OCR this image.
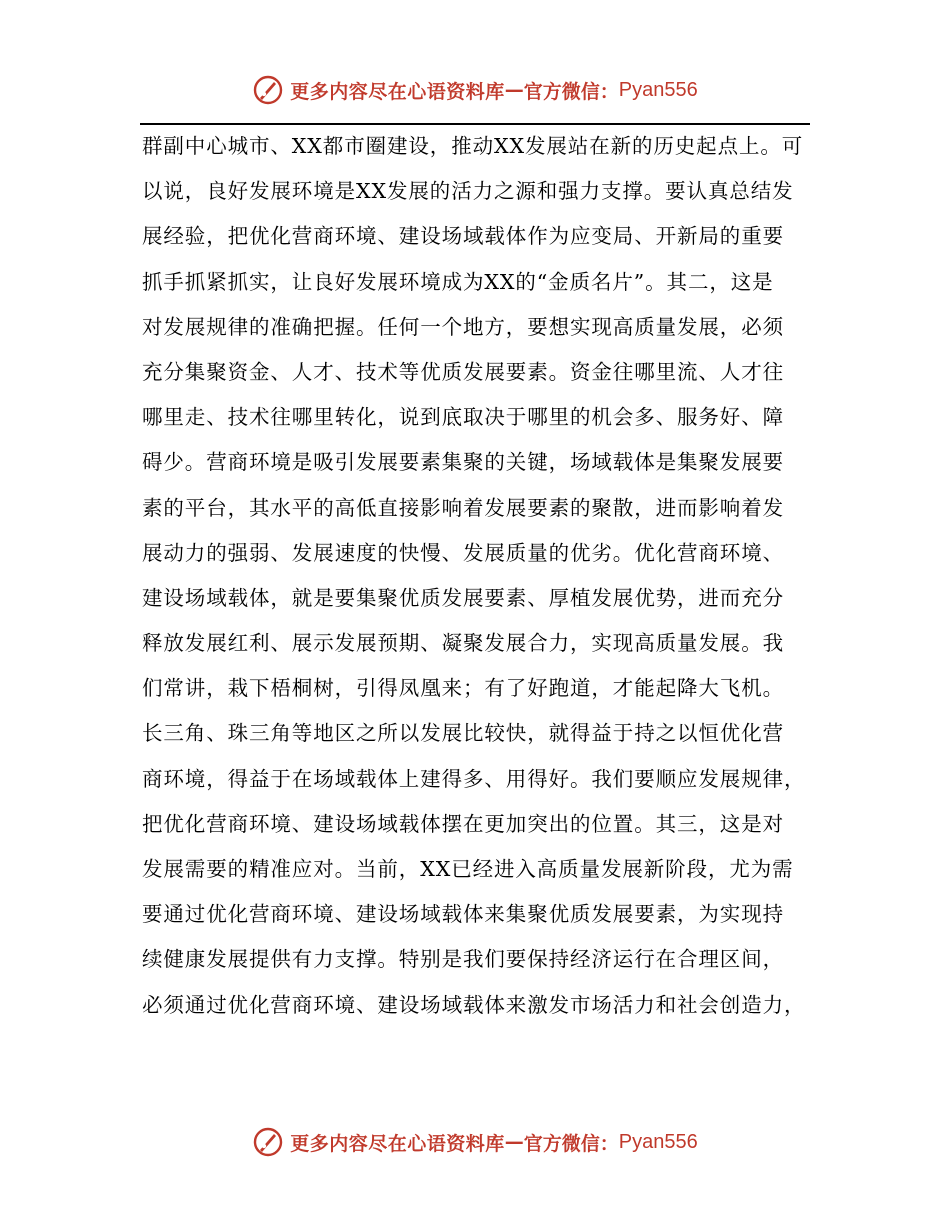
更多内容尽在心语资料库 — 官方微信： Pyan556
群副中心城市、XX都市圈建设，推动XX发展站在新的历史起点上。可
以说，良好发展环境是XX发展的活力之源和强力支撑。要认真总结发
展经验，把优化营商环境、建设场域载体作为应变局、开新局的重要
抓手抓紧抓实，让良好发展环境成为XX的“金质名片”。其二，这是
对发展规律的准确把握。任何一个地方，要想实现高质量发展，必须
充分集聚资金、人才、技术等优质发展要素。资金往哪里流、人才往
哪里走、技术往哪里转化，说到底取决于哪里的机会多、服务好、障
碍少。营商环境是吸引发展要素集聚的关键，场域载体是集聚发展要
素的平台，其水平的高低直接影响着发展要素的聚散，进而影响着发
展动力的强弱、发展速度的快慢、发展质量的优劣。优化营商环境、
建设场域载体，就是要集聚优质发展要素、厚植发展优势，进而充分
释放发展红利、展示发展预期、凝聚发展合力，实现高质量发展。我
们常讲，栽下梧桐树，引得凤凰来；有了好跑道，才能起降大飞机。
长三角、珠三角等地区之所以发展比较快，就得益于持之以恒优化营
商环境，得益于在场域载体上建得多、用得好。我们要顺应发展规律，
把优化营商环境、建设场域载体摆在更加突出的位置。其三，这是对
发展需要的精准应对。当前，XX已经进入高质量发展新阶段，尤为需
要通过优化营商环境、建设场域载体来集聚优质发展要素，为实现持
续健康发展提供有力支撑。特别是我们要保持经济运行在合理区间，
必须通过优化营商环境、建设场域载体来激发市场活力和社会创造力，
更多内容尽在心语资料库 — 官方微信： Pyan556
